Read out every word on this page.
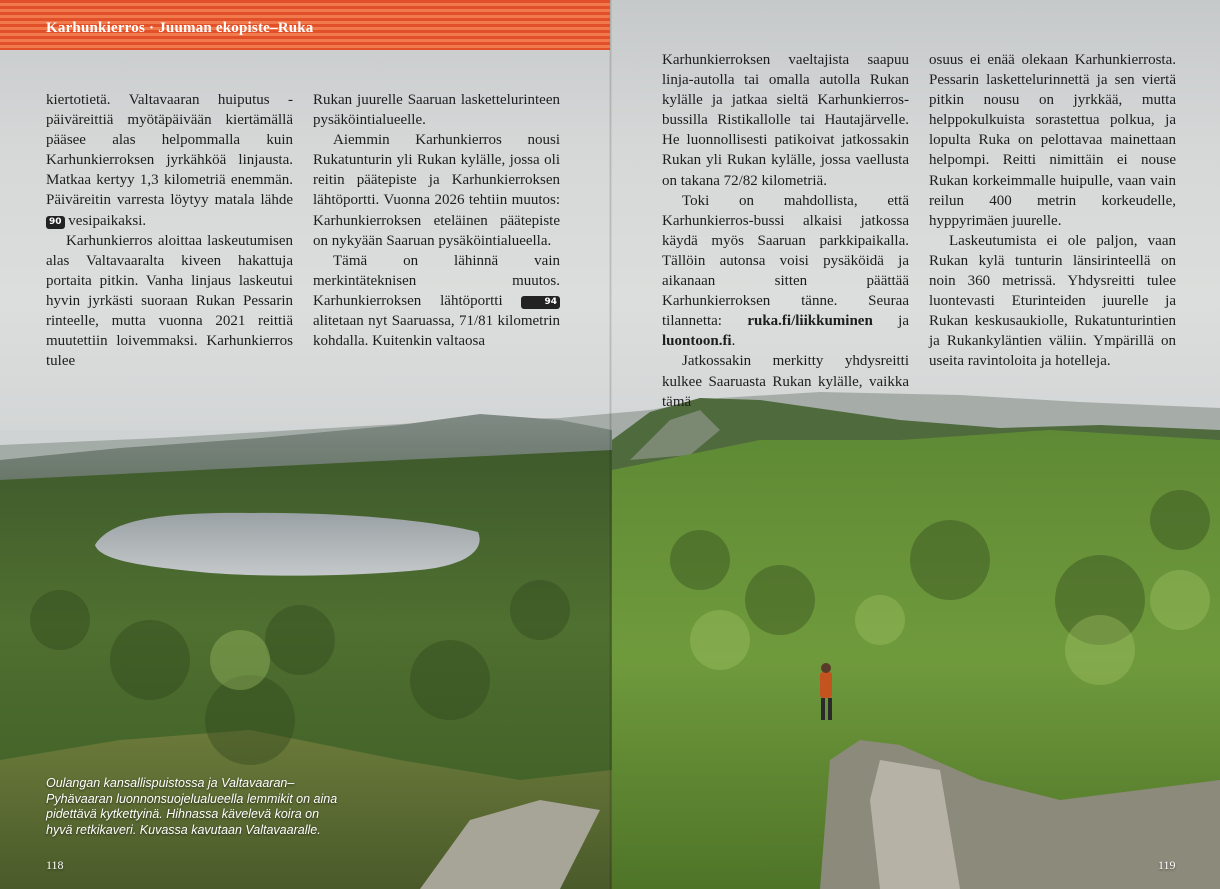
Karhunkierros · Juuman ekopiste–Ruka

kiertotietä. Valtavaaran huiputus -päiväreittiä myötäpäivään kiertämällä pääsee alas helpommalla kuin Karhunkierroksen jyrkähköä linjausta. Matkaa kertyy 1,3 kilometriä enemmän. Päiväreitin varresta löytyy matala lähde 90 vesipaikaksi.

Karhunkierros aloittaa laskeutumisen alas Valtavaaralta kiveen hakattuja portaita pitkin. Vanha linjaus laskeutui hyvin jyrkästi suoraan Rukan Pessarin rinteelle, mutta vuonna 2021 reittiä muutettiin loivemmaksi. Karhunkierros tulee

Rukan juurelle Saaruan laskettelurinteen pysäköintialueelle.

Aiemmin Karhunkierros nousi Rukatunturin yli Rukan kylälle, jossa oli reitin päätepiste ja Karhunkierroksen lähtöportti. Vuonna 2026 tehtiin muutos: Karhunkierroksen eteläinen päätepiste on nykyään Saaruan pysäköintialueella.

Tämä on lähinnä vain merkintäteknisen muutos. Karhunkierroksen lähtöportti	94 alitetaan nyt Saaruassa, 71/81 kilometrin kohdalla. Kuitenkin valtaosa

Karhunkierroksen vaeltajista saapuu linja-autolla tai omalla autolla Rukan kylälle ja jatkaa sieltä Karhunkierros-bussilla Ristikallolle tai Hautajärvelle. He luonnollisesti patikoivat jatkossakin Rukan yli Rukan kylälle, jossa vaellusta on takana 72/82 kilometriä.

Toki on mahdollista, että Karhunkierros-bussi alkaisi jatkossa käydä myös Saaruan parkkipaikalla. Tällöin autonsa voisi pysäköidä ja aikanaan sitten päättää Karhunkierroksen tänne. Seuraa tilannetta: ruka.fi/liikkuminen ja luontoon.fi.

Jatkossakin merkitty yhdysreitti kulkee Saaruasta Rukan kylälle, vaikka tämä

osuus ei enää olekaan Karhunkierrosta. Pessarin laskettelurinnettä ja sen viertä pitkin nousu on jyrkkää, mutta helppokulkuista sorastettua polkua, ja lopulta Ruka on pelottavaa mainettaan helpompi. Reitti nimittäin ei nouse Rukan korkeimmalle huipulle, vaan vain reilun 400 metrin korkeudelle, hyppyrimäen juurelle.

Laskeutumista ei ole paljon, vaan Rukan kylä tunturin länsirinteellä on noin 360 metrissä. Yhdysreitti tulee luontevasti Eturinteiden juurelle ja Rukan keskusaukiolle, Rukatunturintien ja Rukankyläntien väliin. Ympärillä on useita ravintoloita ja hotelleja.

Oulangan kansallispuistossa ja Valtavaaran–Pyhävaaran luonnonsuojelualueella lemmikit on aina pidettävä kytkettyinä. Hihnassa kävelevä koira on hyvä retkikaveri. Kuvassa kavutaan Valtavaaralle.
118	119
